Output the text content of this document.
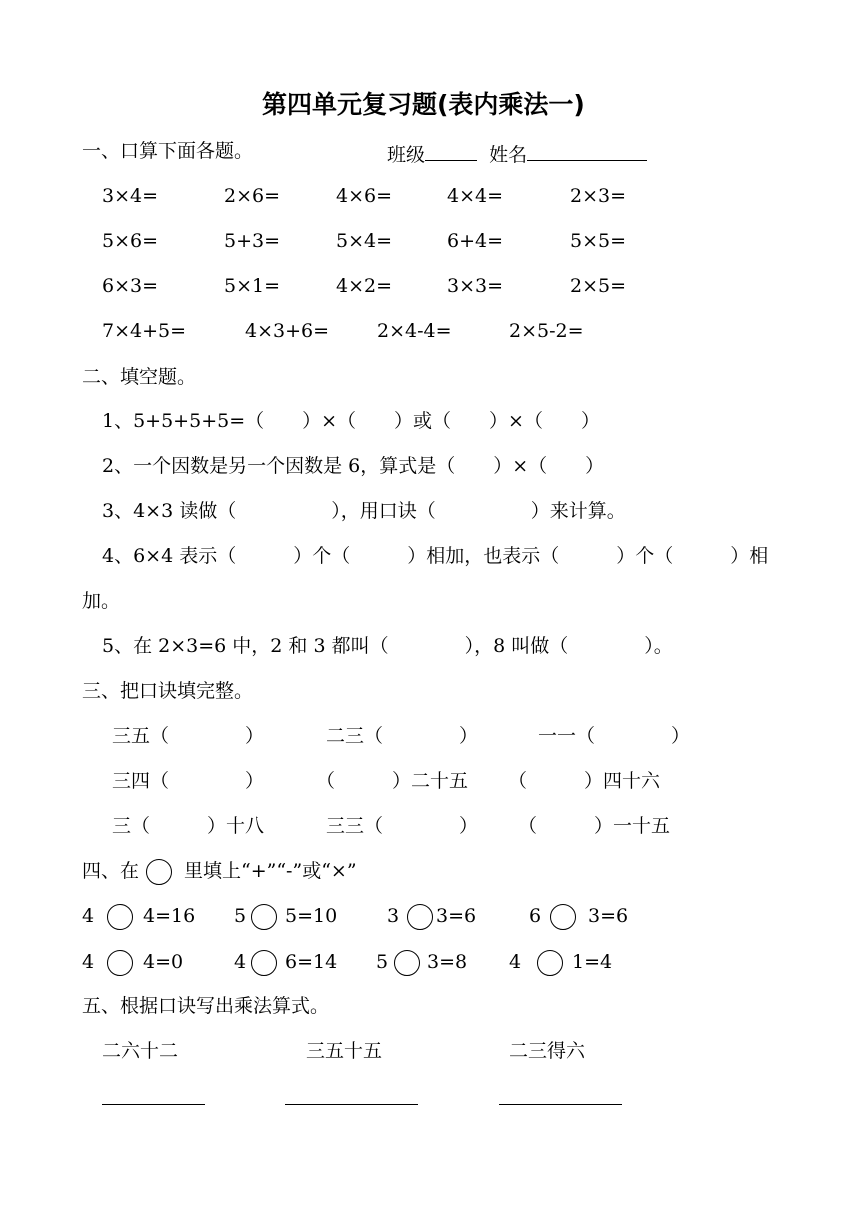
第四单元复习题(表内乘法一)
一、口算下面各题。	班级	姓名
3×4=	2×6=	4×6=	4×4=	2×3=
5×6=	5+3=	5×4=	6+4=	5×5=
6×3=	5×1=	4×2=	3×3=	2×5=
7×4+5=	4×3+6=	2×4-4=	2×5-2=
二、填空题。
1、5+5+5+5=（　　）×（　　）或（　　）×（　　）
2、一个因数是另一个因数是 6，算式是（　　）×（　　）
3、4×3 读做（　　　　　），用口诀（　　　　　）来计算。
4、6×4 表示（　　　）个（　　　）相加，也表示（　　　）个（　　　）相
加。
5、在 2×3=6 中，2 和 3 都叫（　　　　），8 叫做（　　　　）。
三、把口诀填完整。
三五（　　　　）	二三（　　　　）	一一（　　　　）
三四（　　　　）	（　　　）二十五 （　　　）四十六
三（　　　）十八	三三（　　　　） （　　　）一十五
四、在 里填上“+”“-”或“×”
4	4=16 5 5=10	3 3=6	6 3=6
4	4=0	4 6=14 5 3=8 4	1=4
五、根据口诀写出乘法算式。
二六十二	三五十五	二三得六
